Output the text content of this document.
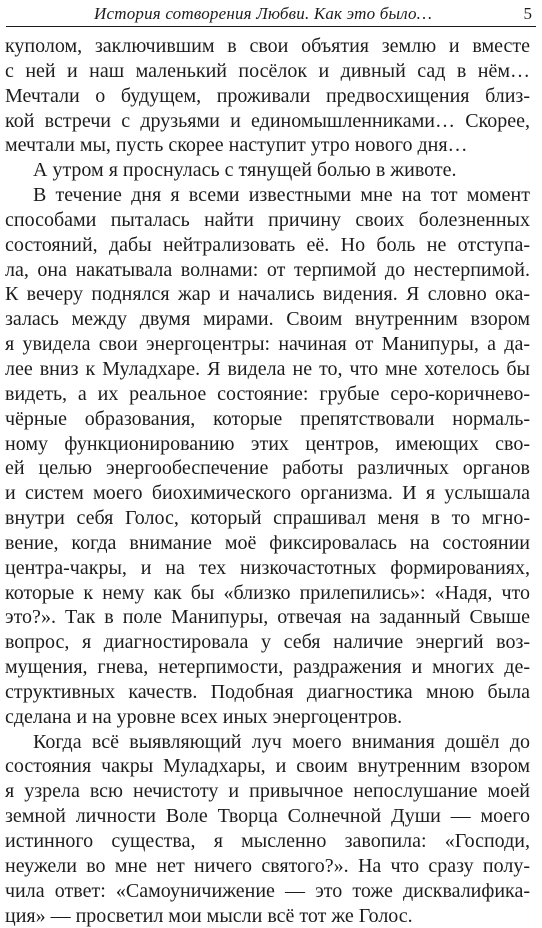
История сотворения Любви. Как это было…	5
куполом, заключившим в свои объятия землю и вместе
с ней и наш маленький посёлок и дивный сад в нём…
Мечтали о будущем, проживали предвосхищения близ-
кой встречи с друзьями и единомышленниками… Скорее,
мечтали мы, пусть скорее наступит утро нового дня…
А утром я проснулась с тянущей болью в животе.
В течение дня я всеми известными мне на тот момент
способами пыталась найти причину своих болезненных
состояний, дабы нейтрализовать её. Но боль не отступа-
ла, она накатывала волнами: от терпимой до нестерпимой.
К вечеру поднялся жар и начались видения. Я словно ока-
залась между двумя мирами. Своим внутренним взором
я увидела свои энергоцентры: начиная от Манипуры, а да-
лее вниз к Муладхаре. Я видела не то, что мне хотелось бы
видеть, а их реальное состояние: грубые серо-коричнево-
чёрные образования, которые препятствовали нормаль-
ному функционированию этих центров, имеющих сво-
ей целью энергообеспечение работы различных органов
и систем моего биохимического организма. И я услышала
внутри себя Голос, который спрашивал меня в то мгно-
вение, когда внимание моё фиксировалась на состоянии
центра-чакры, и на тех низкочастотных формированиях,
которые к нему как бы «близко прилепились»: «Надя, что
это?». Так в поле Манипуры, отвечая на заданный Свыше
вопрос, я диагностировала у себя наличие энергий воз-
мущения, гнева, нетерпимости, раздражения и многих де-
структивных качеств. Подобная диагностика мною была
сделана и на уровне всех иных энергоцентров.
Когда всё выявляющий луч моего внимания дошёл до
состояния чакры Муладхары, и своим внутренним взором
я узрела всю нечистоту и привычное непослушание моей
земной личности Воле Творца Солнечной Души — моего
истинного существа, я мысленно завопила: «Господи,
неужели во мне нет ничего святого?». На что сразу полу-
чила ответ: «Самоуничижение — это тоже дисквалифика-
ция» — просветил мои мысли всё тот же Голос.
